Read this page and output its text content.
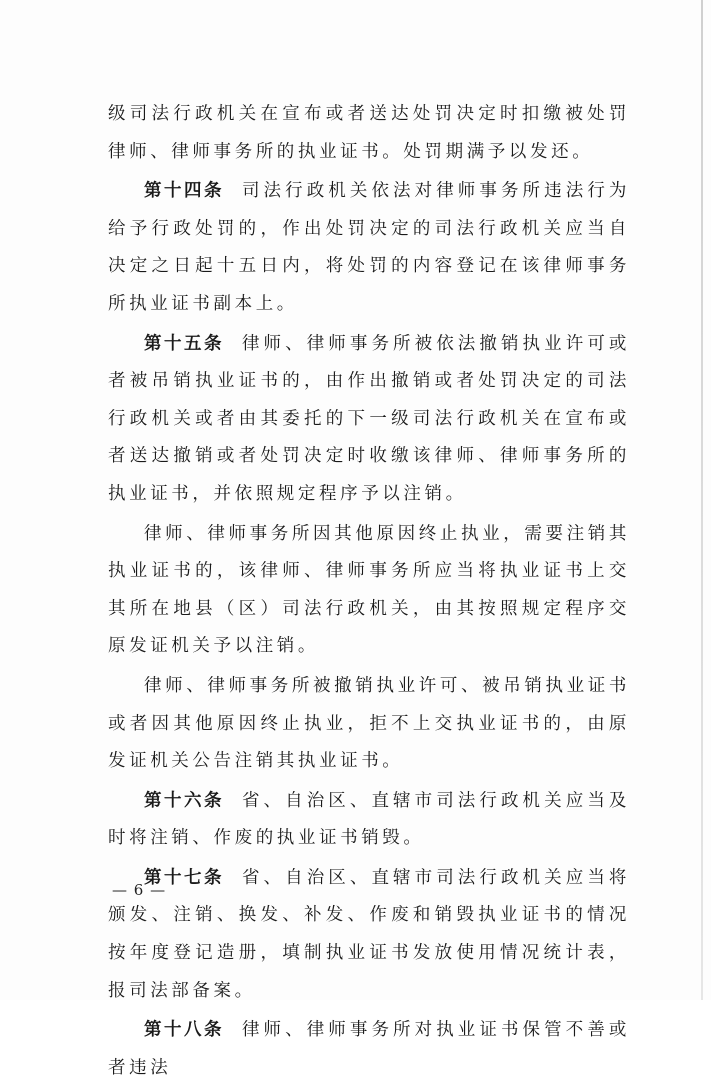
级司法行政机关在宣布或者送达处罚决定时扣缴被处罚律师、律师事务所的执业证书。处罚期满予以发还。

第十四条 司法行政机关依法对律师事务所违法行为给予行政处罚的，作出处罚决定的司法行政机关应当自决定之日起十五日内，将处罚的内容登记在该律师事务所执业证书副本上。

第十五条 律师、律师事务所被依法撤销执业许可或者被吊销执业证书的，由作出撤销或者处罚决定的司法行政机关或者由其委托的下一级司法行政机关在宣布或者送达撤销或者处罚决定时收缴该律师、律师事务所的执业证书，并依照规定程序予以注销。

律师、律师事务所因其他原因终止执业，需要注销其执业证书的，该律师、律师事务所应当将执业证书上交其所在地县（区）司法行政机关，由其按照规定程序交原发证机关予以注销。

律师、律师事务所被撤销执业许可、被吊销执业证书或者因其他原因终止执业，拒不上交执业证书的，由原发证机关公告注销其执业证书。

第十六条 省、自治区、直辖市司法行政机关应当及时将注销、作废的执业证书销毁。

第十七条 省、自治区、直辖市司法行政机关应当将颁发、注销、换发、补发、作废和销毁执业证书的情况按年度登记造册，填制执业证书发放使用情况统计表，报司法部备案。

第十八条 律师、律师事务所对执业证书保管不善或者违法

— 6 —
